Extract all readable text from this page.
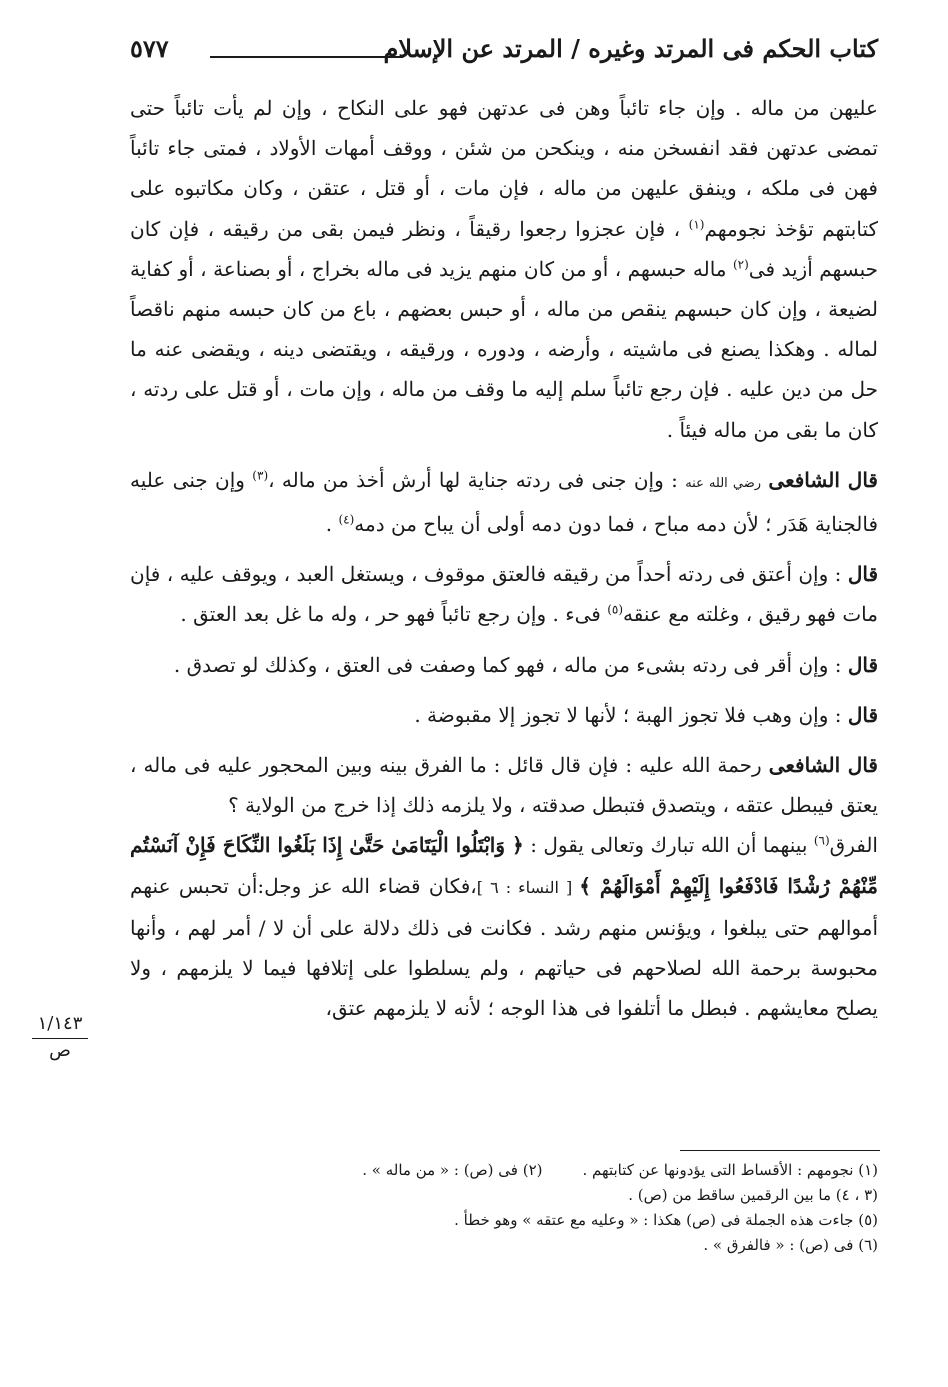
كتاب الحكم فى المرتد وغيره / المرتد عن الإسلام
٥٧٧

عليهن من ماله . وإن جاء تائباً وهن فى عدتهن فهو على النكاح ، وإن لم يأت تائباً حتى تمضى عدتهن فقد انفسخن منه ، وينكحن من شئن ، ووقف أمهات الأولاد ، فمتى جاء تائباً فهن فى ملكه ، وينفق عليهن من ماله ، فإن مات ، أو قتل ، عتقن ، وكان مكاتبوه على كتابتهم تؤخذ نجومهم$^{(١)}$ ، فإن عجزوا رجعوا رقيقاً ، ونظر فيمن بقى من رقيقه ، فإن كان حبسهم أزيد فى$^{(٢)}$ ماله حبسهم ، أو من كان منهم يزيد فى ماله بخراج ، أو بصناعة ، أو كفاية لضيعة ، وإن كان حبسهم ينقص من ماله ، أو حبس بعضهم ، باع من كان حبسه منهم ناقصاً لماله . وهكذا يصنع فى ماشيته ، وأرضه ، ودوره ، ورقيقه ، ويقتضى دينه ، ويقضى عنه ما حل من دين عليه . فإن رجع تائباً سلم إليه ما وقف من ماله ، وإن مات ، أو قتل على ردته ، كان ما بقى من ماله فيئاً .

قال الشافعى رضي الله عنه : وإن جنى فى ردته جناية لها أرش أخذ من ماله ،$^{(٣)}$ وإن جنى عليه فالجناية هَدَر ؛ لأن دمه مباح ، فما دون دمه أولى أن يباح من دمه$^{(٤)}$ .

قال : وإن أعتق فى ردته أحداً من رقيقه فالعتق موقوف ، ويستغل العبد ، ويوقف عليه ، فإن مات فهو رقيق ، وغلته مع عنقه$^{(٥)}$ فىء . وإن رجع تائباً فهو حر ، وله ما غل بعد العتق .

قال : وإن أقر فى ردته بشىء من ماله ، فهو كما وصفت فى العتق ، وكذلك لو تصدق .

قال : وإن وهب فلا تجوز الهبة ؛ لأنها لا تجوز إلا مقبوضة .

قال الشافعى رحمة الله عليه : فإن قال قائل : ما الفرق بينه وبين المحجور عليه فى ماله ، يعتق فيبطل عتقه ، ويتصدق فتبطل صدقته ، ولا يلزمه ذلك إذا خرج من الولاية ؟

الفرق$^{(٦)}$ بينهما أن الله تبارك وتعالى يقول : ﴿ وَابْتَلُوا الْيَتَامَىٰ حَتَّىٰ إِذَا بَلَغُوا النِّكَاحَ فَإِنْ آنَسْتُم مِّنْهُمْ رُشْدًا فَادْفَعُوا إِلَيْهِمْ أَمْوَالَهُمْ ﴾ [ النساء : ٦ ]،فكان قضاء الله عز وجل:أن تحبس عنهم أموالهم حتى يبلغوا ، ويؤنس منهم رشد . فكانت فى ذلك دلالة على أن لا / أمر لهم ، وأنها محبوسة برحمة الله لصلاحهم فى حياتهم ، ولم يسلطوا على إتلافها فيما لا يلزمهم ، ولا يصلح معايشهم . فبطل ما أتلفوا فى هذا الوجه ؛ لأنه لا يلزمهم عتق،

١/١٤٣
ص

(١) نجومهم : الأقساط التى يؤدونها عن كتابتهم .(٢) فى (ص) : « من ماله » .

(٣ ، ٤) ما بين الرقمين ساقط من (ص) .

(٥) جاءت هذه الجملة فى (ص) هكذا : « وعليه مع عتقه » وهو خطأ .

(٦) فى (ص) : « فالفرق » .
